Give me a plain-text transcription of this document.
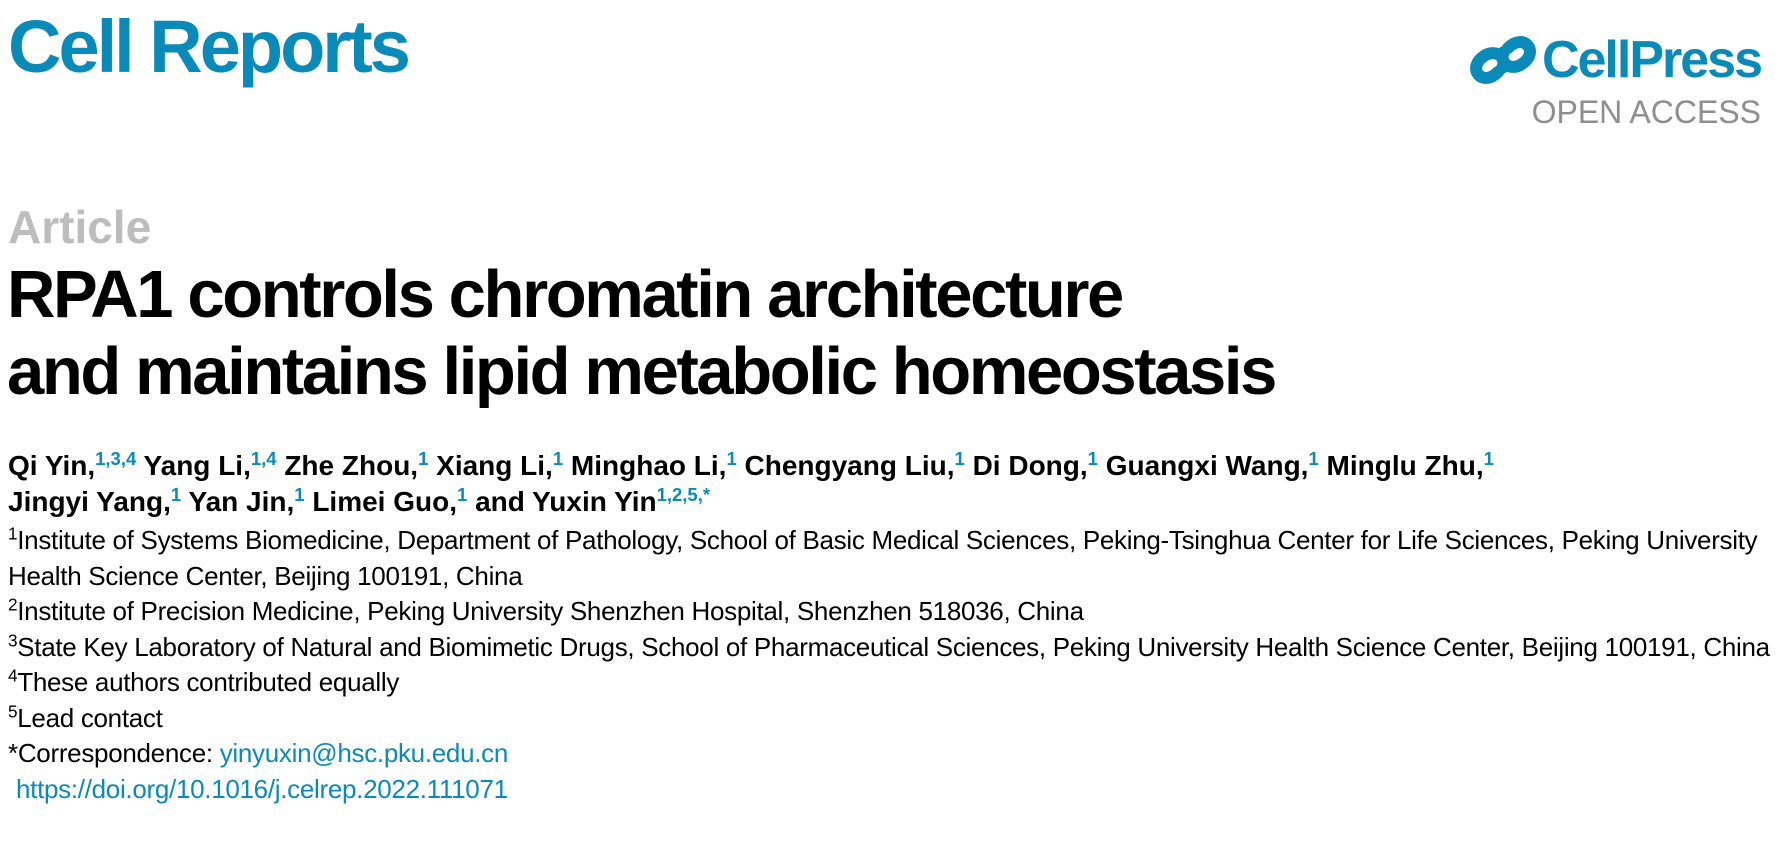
Cell Reports	CellPress
OPEN ACCESS
Article
RPA1 controls chromatin architecture
and maintains lipid metabolic homeostasis
Qi Yin,$^{1,3,4}$ Yang Li,$^{1,4}$ Zhe Zhou,$^1$ Xiang Li,$^1$ Minghao Li,$^1$ Chengyang Liu,$^1$ Di Dong,$^1$ Guangxi Wang,$^1$ Minglu Zhu,$^1$
Jingyi Yang,$^1$ Yan Jin,$^1$ Limei Guo,$^1$ and Yuxin Yin$^{1,2,5,*}$

$^1$Institute of Systems Biomedicine, Department of Pathology, School of Basic Medical Sciences, Peking-Tsinghua Center for Life Sciences, Peking University Health Science Center, Beijing 100191, China

$^2$Institute of Precision Medicine, Peking University Shenzhen Hospital, Shenzhen 518036, China

$^3$State Key Laboratory of Natural and Biomimetic Drugs, School of Pharmaceutical Sciences, Peking University Health Science Center, Beijing 100191, China

$^4$These authors contributed equally

$^5$Lead contact

*Correspondence: yinyuxin@hsc.pku.edu.cn

https://doi.org/10.1016/j.celrep.2022.111071
